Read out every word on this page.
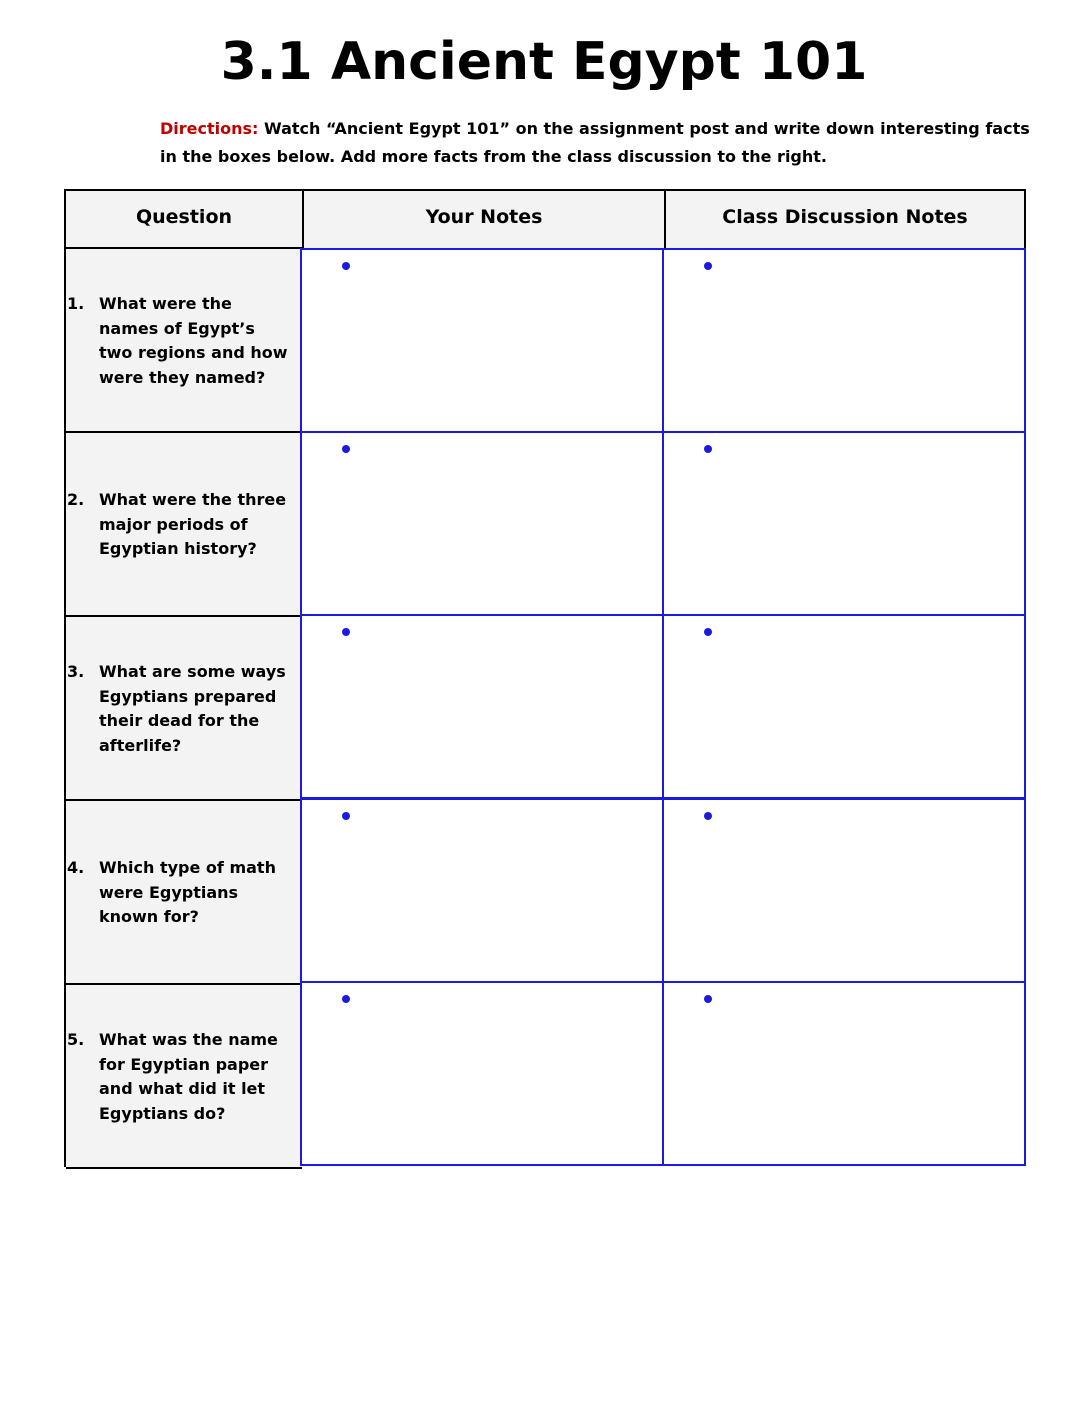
3.1 Ancient Egypt 101
Directions: Watch “Ancient Egypt 101” on the assignment post and write down interesting facts in the boxes below. Add more facts from the class discussion to the right.
Question	Your Notes	Class Discussion Notes
1. What were the names of Egypt’s two regions and how were they named?
2. What were the three major periods of Egyptian history?
3. What are some ways Egyptians prepared their dead for the afterlife?
4. Which type of math were Egyptians known for?
5. What was the name for Egyptian paper and what did it let Egyptians do?
